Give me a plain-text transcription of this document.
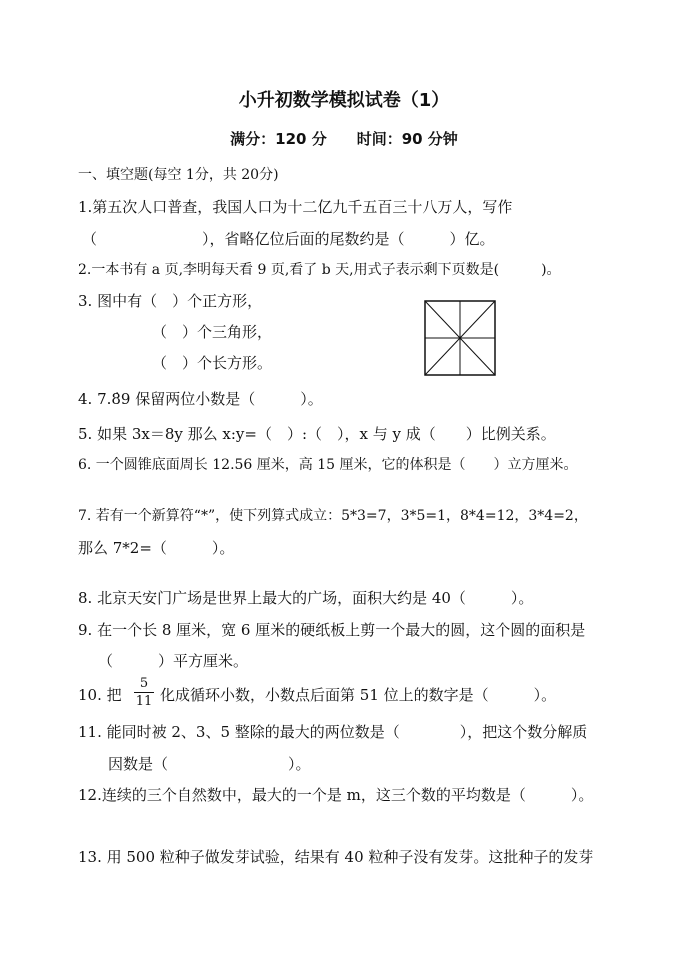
小升初数学模拟试卷（1）
满分：120 分　　时间：90 分钟
一、填空题(每空 1分，共 20分)
1.第五次人口普查，我国人口为十二亿九千五百三十八万人，写作
（　　　　　　　），省略亿位后面的尾数约是（　　　）亿。
2.一本书有 a 页,李明每天看 9 页,看了 b 天,用式子表示剩下页数是(　　　)。
3. 图中有（　）个正方形，
（　）个三角形，
（　）个长方形。
4. 7.8̇9 保留两位小数是（　　　）。
5. 如果 3x＝8y 那么 x:y=（　）:（　），x 与 y 成（　　）比例关系。
6. 一个圆锥底面周长 12.56 厘米，高 15 厘米，它的体积是（　　）立方厘米。
7. 若有一个新算符“*”，使下列算式成立：5*3=7，3*5=1，8*4=12，3*4=2，
那么 7*2=（　　　）。
8. 北京天安门广场是世界上最大的广场，面积大约是 40（　　　）。
9. 在一个长 8 厘米，宽 6 厘米的硬纸板上剪一个最大的圆，这个圆的面积是
（　　　）平方厘米。
10. 把 $\frac{5}{11}$ 化成循环小数，小数点后面第 51 位上的数字是（　　　）。
11. 能同时被 2、3、5 整除的最大的两位数是（　　　　），把这个数分解质
因数是（　　　　　　　　）。
12.连续的三个自然数中，最大的一个是 m，这三个数的平均数是（　　　）。
13. 用 500 粒种子做发芽试验，结果有 40 粒种子没有发芽。这批种子的发芽
